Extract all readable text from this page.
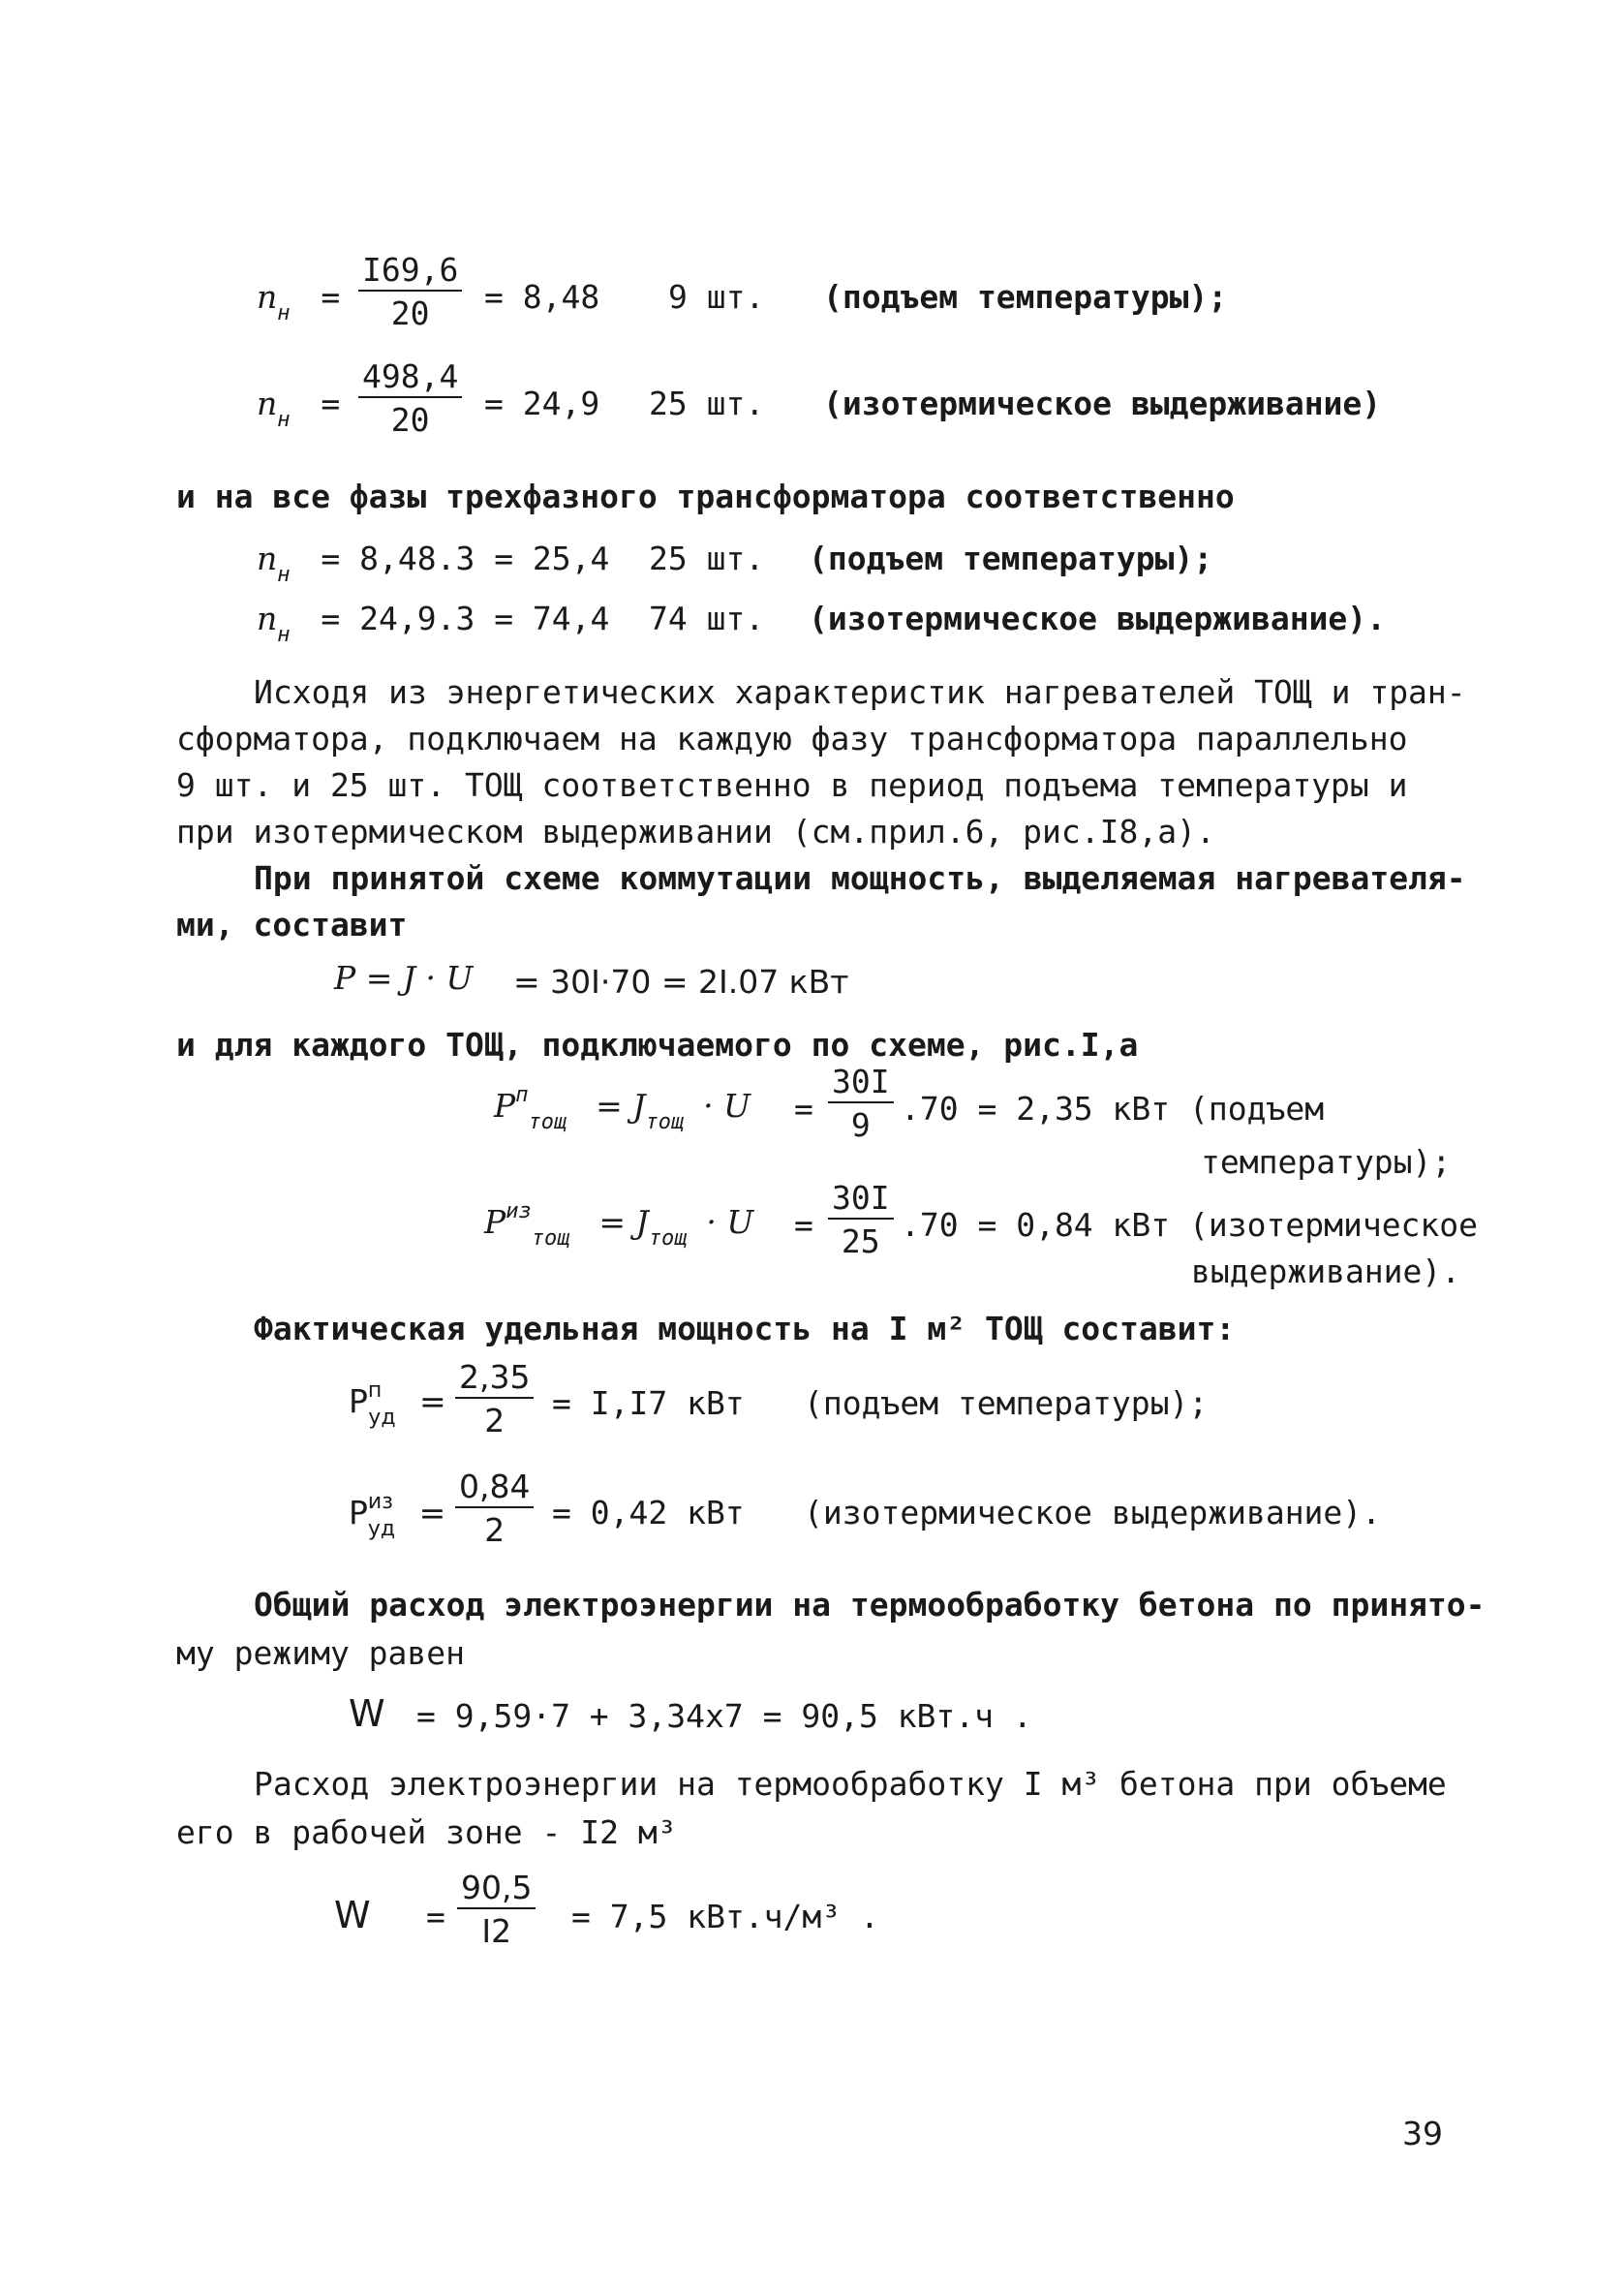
$n_н = \frac{I69,6}{20} = 8,48$ 9 шт. (подъем температуры);
$n_н = \frac{498,4}{20} = 24,9$ 25 шт. (изотермическое выдерживание)
и на все фазы трехфазного трансформатора соответственно
$n_н = 8,48.3 = 25,4$ 25 шт. (подъем температуры);
$n_н = 24,9.3 = 74,4$ 74 шт. (изотермическое выдерживание).
Исходя из энергетических характеристик нагревателей ТОЩ и тран-
сформатора, подключаем на каждую фазу трансформатора параллельно
9 шт. и 25 шт. ТОЩ соответственно в период подъема температуры и
при изотермическом выдерживании (см.прил.6, рис.I8,а).
При принятой схеме коммутации мощность, выделяемая нагревателя-
ми, составит
P = J · U = 30I·70 = 2I.07 кВт
и для каждого ТОЩ, подключаемого по схеме, рис.I,а
$P^п_{тощ} = J_{тощ} \cdot U = \frac{30I}{9} .70 = 2,35$ кВт (подъем
температуры);
$P^{из}_{тощ} = J_{тощ} \cdot U = \frac{30I}{25} .70 = 0,84$ кВт (изотермическое
выдерживание).
Фактическая удельная мощность на I м² ТОЩ составит:
$P^п_{уд} = \frac{2,35}{2} = I,I7$ кВт (подъем температуры);
$P^{из}_{уд} = \frac{0,84}{2} = 0,42$ кВт (изотермическое выдерживание).
Общий расход электроэнергии на термообработку бетона по принято-
му режиму равен
W = 9,59·7 + 3,34х7 = 90,5 кВт.ч .
Расход электроэнергии на термообработку I м³ бетона при объеме
его в рабочей зоне - I2 м³
$W = \frac{90,5}{I2} = 7,5$ кВт.ч/м³ .
39
